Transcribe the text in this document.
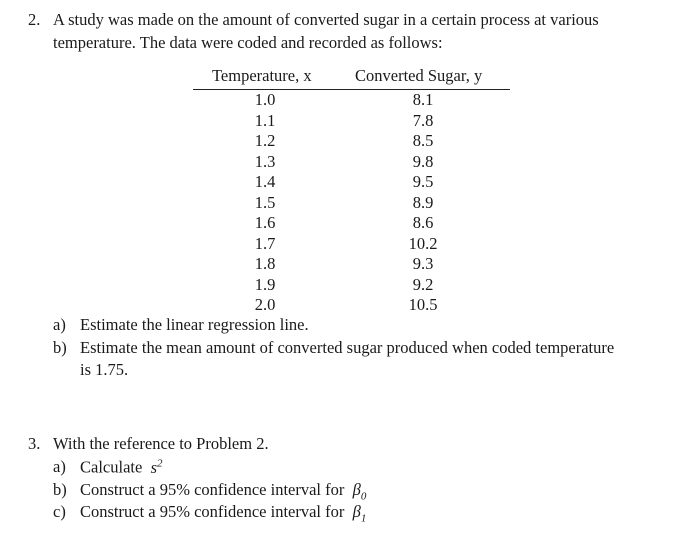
2. A study was made on the amount of converted sugar in a certain process at various
temperature. The data were coded and recorded as follows:
Temperature, x	Converted Sugar, y
1.0	8.1
1.1	7.8
1.2	8.5
1.3	9.8
1.4	9.5
1.5	8.9
1.6	8.6
1.7	10.2
1.8	9.3
1.9	9.2
2.0	10.5
a) Estimate the linear regression line.
b) Estimate the mean amount of converted sugar produced when coded temperature
is 1.75.
3. With the reference to Problem 2.
a) Calculate $s^2$
b) Construct a 95% confidence interval for $\beta_0$
c) Construct a 95% confidence interval for $\beta_1$
